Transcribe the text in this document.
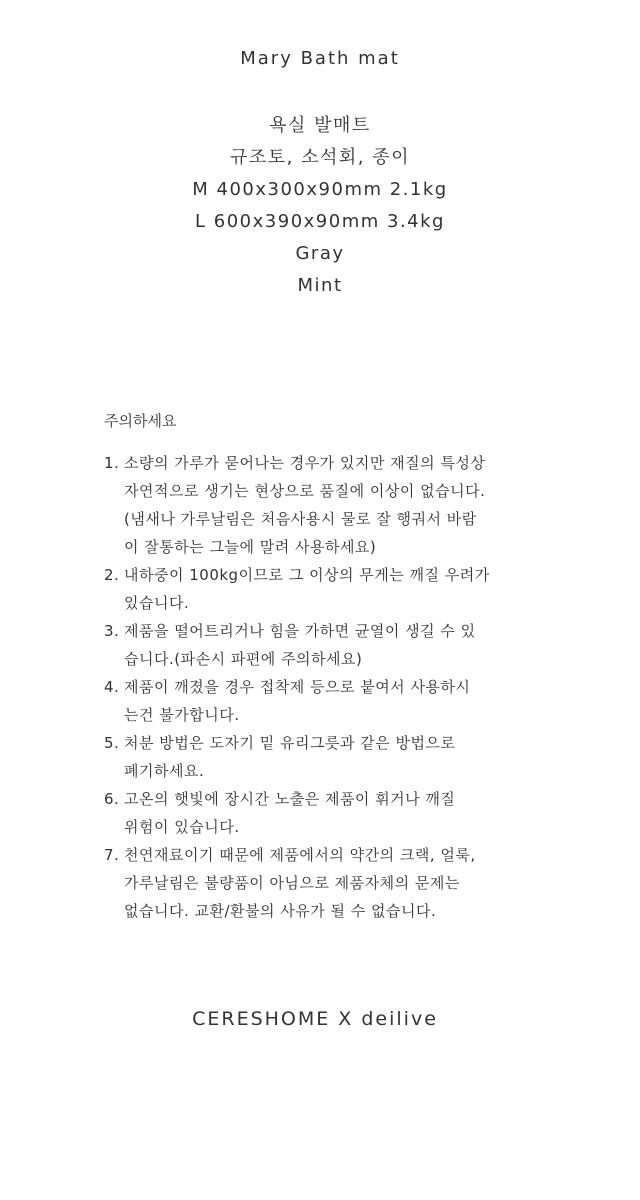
Mary Bath mat
욕실 발매트
규조토, 소석회, 종이
M 400x300x90mm 2.1kg
L 600x390x90mm 3.4kg
Gray
Mint
주의하세요
1. 소량의 가루가 묻어나는 경우가 있지만 재질의 특성상
자연적으로 생기는 현상으로 품질에 이상이 없습니다.
(냄새나 가루날림은 처음사용시 물로 잘 행궈서 바람
이 잘통하는 그늘에 말려 사용하세요)
2. 내하중이 100kg이므로 그 이상의 무게는 깨질 우려가
있습니다.
3. 제품을 떨어트리거나 힘을 가하면 균열이 생길 수 있
습니다.(파손시 파편에 주의하세요)
4. 제품이 깨졌을 경우 접착제 등으로 붙여서 사용하시
는건 불가합니다.
5. 처분 방법은 도자기 밑 유리그릇과 같은 방법으로
폐기하세요.
6. 고온의 햇빛에 장시간 노출은 제품이 휘거나 깨질
위험이 있습니다.
7. 천연재료이기 때문에 제품에서의 약간의 크랙, 얼룩,
가루날림은 불량품이 아님으로 제품자체의 문제는
없습니다. 교환/환불의 사유가 될 수 없습니다.
CERESHOME X deilive
